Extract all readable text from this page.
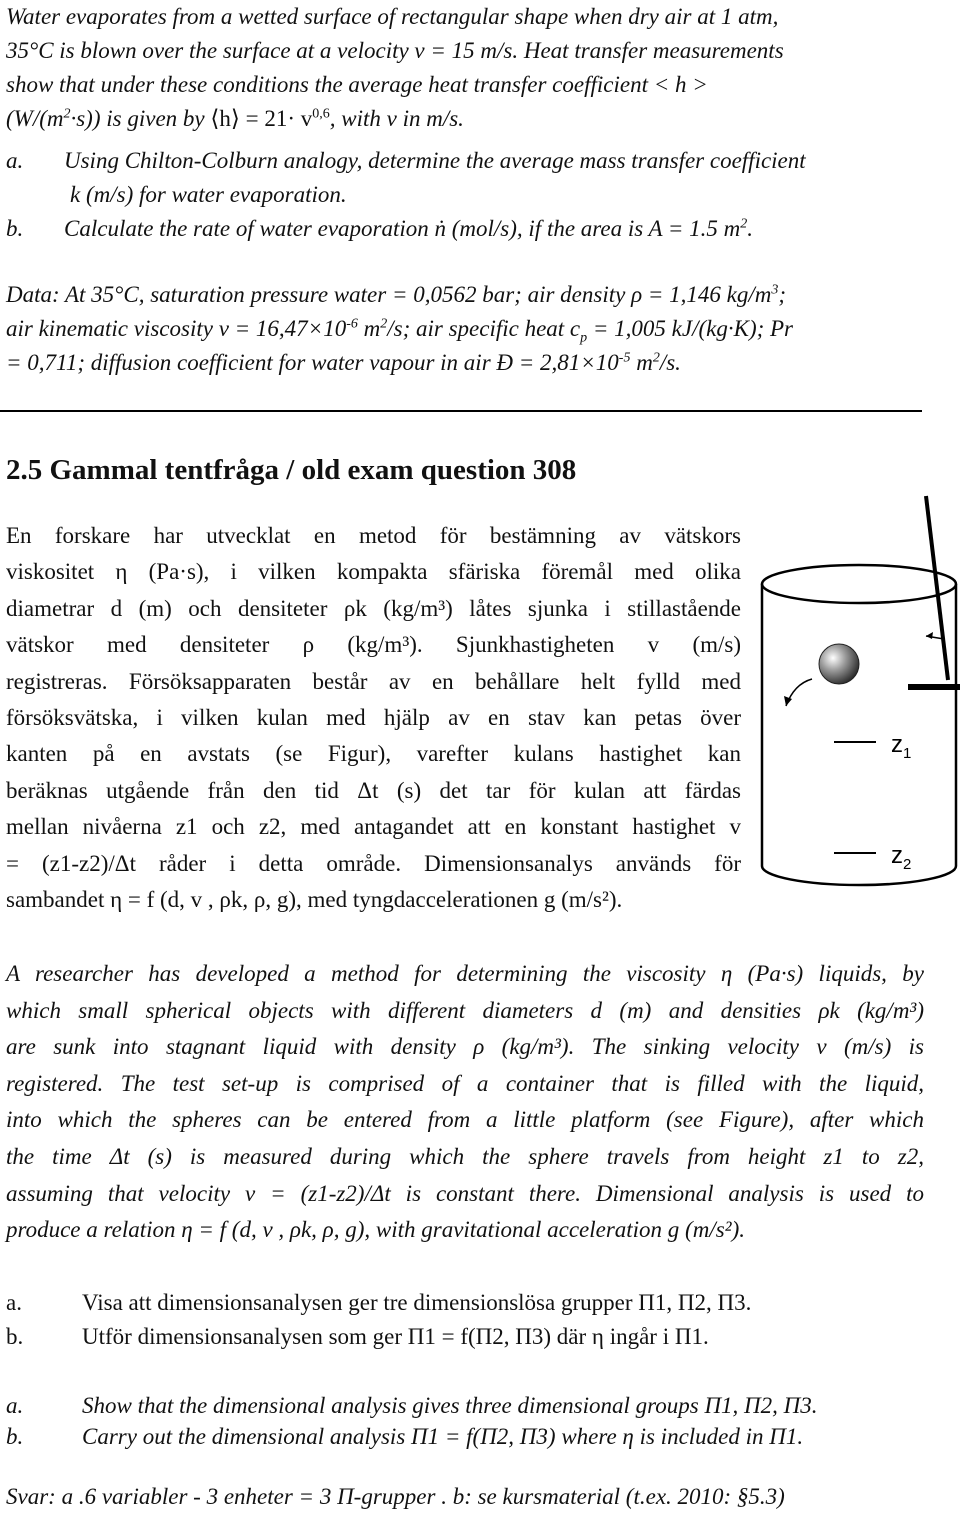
Water evaporates from a wetted surface of rectangular shape when dry air at 1 atm,
35°C is blown over the surface at a velocity v = 15 m/s. Heat transfer measurements
show that under these conditions the average heat transfer coefficient < h >
$(W/(m^2\cdot s))$ is given by ⟨h⟩ = $21\cdot v^{0,6}$, with v in m/s.
a. Using Chilton-Colburn analogy, determine the average mass transfer coefficient
k (m/s) for water evaporation.
b. Calculate the rate of water evaporation ṅ (mol/s), if the area is A = 1.5 $m^2$.
Data: At 35°C, saturation pressure water = 0,0562 bar; air density ρ = 1,146 $kg/m^3$;
air kinematic viscosity $\nu = 16,47\times 10^{-6}$ $m^2/s$; air specific heat $c_p = 1,005$ kJ/(kg·K); Pr
= 0,711; diffusion coefficient for water vapour in air Đ = $2,81\times 10^{-5}$ $m^2/s$.
2.5 Gammal tentfråga / old exam question 308
En forskare har utvecklat en metod för bestämning av vätskors
viskositet η (Pa·s), i vilken kompakta sfäriska föremål med olika
diametrar d (m) och densiteter ρk (kg/m³) låtes sjunka i stillastående
vätskor med densiteter ρ (kg/m³). Sjunkhastigheten v (m/s)
registreras. Försöksapparaten består av en behållare helt fylld med
försöksvätska, i vilken kulan med hjälp av en stav kan petas över
kanten på en avstats (se Figur), varefter kulans hastighet kan
beräknas utgående från den tid Δt (s) det tar för kulan att färdas
mellan nivåerna z1 och z2, med antagandet att en konstant hastighet v
= (z1-z2)/Δt råder i detta område. Dimensionsanalys används för
sambandet η = f (d, v , ρk, ρ, g), med tyngdaccelerationen g (m/s²).
$z_1$
$z_2$
A researcher has developed a method for determining the viscosity η (Pa·s) liquids, by
which small spherical objects with different diameters d (m) and densities ρk (kg/m³)
are sunk into stagnant liquid with density ρ (kg/m³). The sinking velocity v (m/s) is
registered. The test set-up is comprised of a container that is filled with the liquid,
into which the spheres can be entered from a little platform (see Figure), after which
the time Δt (s) is measured during which the sphere travels from height z1 to z2,
assuming that velocity v = (z1-z2)/Δt is constant there. Dimensional analysis is used to
produce a relation η = f (d, v , ρk, ρ, g), with gravitational acceleration g (m/s²).
a.	Visa att dimensionsanalysen ger tre dimensionslösa grupper Π1, Π2, Π3.
b.	Utför dimensionsanalysen som ger Π1 = f(Π2, Π3) där η ingår i Π1.
a.	Show that the dimensional analysis gives three dimensional groups Π1, Π2, Π3.
b.	Carry out the dimensional analysis Π1 = f(Π2, Π3) where η is included in Π1.
Svar: a .6 variabler - 3 enheter = 3 Π-grupper . b: se kursmaterial (t.ex. 2010: §5.3)
